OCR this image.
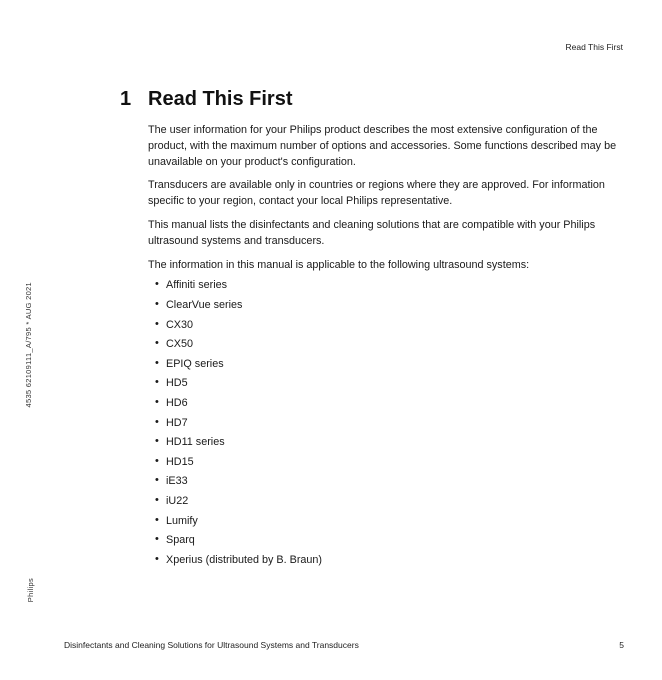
Read This First
4535 62109111_A/795 * AUG 2021
Philips
1 Read This First

The user information for your Philips product describes the most extensive configuration of the product, with the maximum number of options and accessories. Some functions described may be unavailable on your product's configuration.

Transducers are available only in countries or regions where they are approved. For information specific to your region, contact your local Philips representative.

This manual lists the disinfectants and cleaning solutions that are compatible with your Philips ultrasound systems and transducers.

The information in this manual is applicable to the following ultrasound systems:

• Affiniti series
• ClearVue series
• CX30
• CX50
• EPIQ series
• HD5
• HD6
• HD7
• HD11 series
• HD15
• iE33
• iU22
• Lumify
• Sparq
• Xperius (distributed by B. Braun)
Disinfectants and Cleaning Solutions for Ultrasound Systems and Transducers	5
